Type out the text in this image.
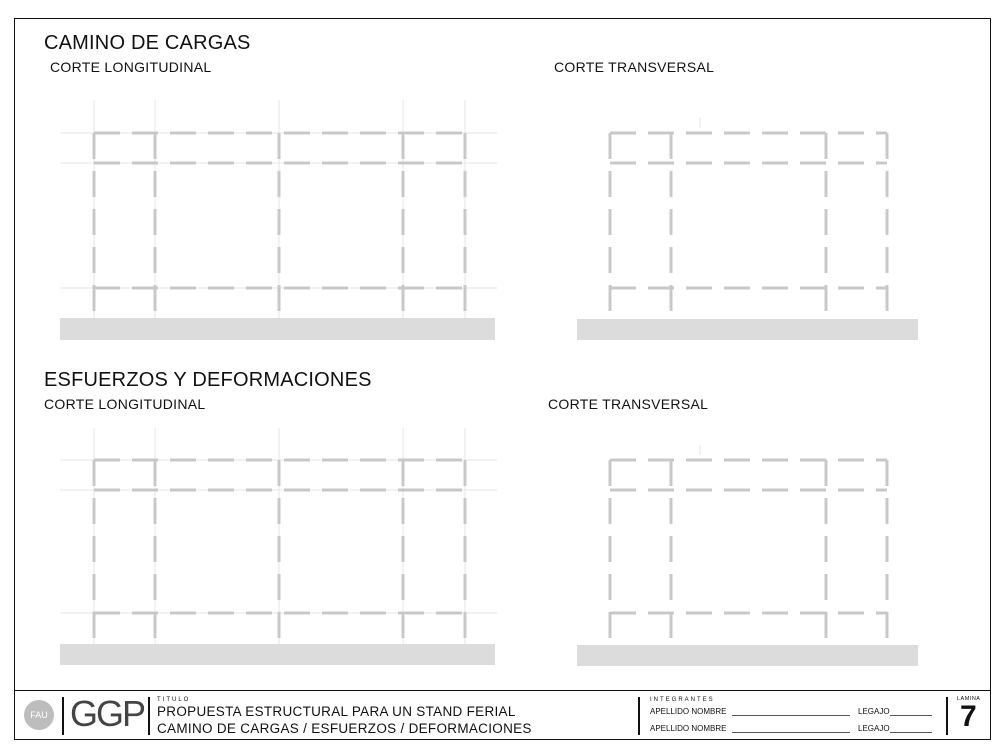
CAMINO DE CARGAS
CORTE LONGITUDINAL	CORTE TRANSVERSAL
ESFUERZOS Y DEFORMACIONES
CORTE LONGITUDINAL	CORTE TRANSVERSAL
FAU GGP TITULO
PROPUESTA ESTRUCTURAL PARA UN STAND FERIAL
CAMINO DE CARGAS / ESFUERZOS / DEFORMACIONES
INTEGRANTES
APELLIDO NOMBRE	LEGAJO
APELLIDO NOMBRE	LEGAJO
LAMINA
7
